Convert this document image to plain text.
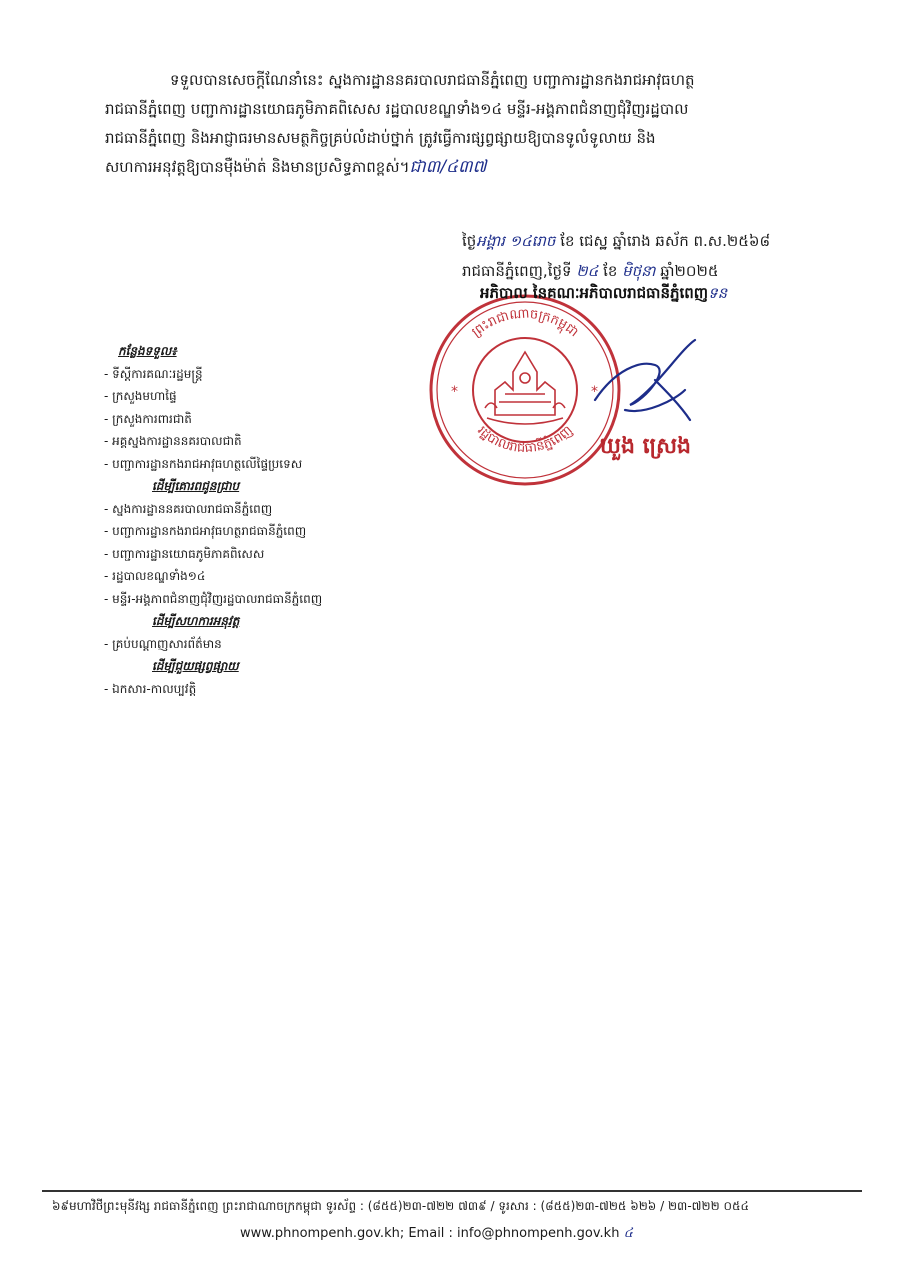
ទទួលបានសេចក្ដីណែនាំនេះ ស្នងការដ្ឋាននគរបាលរាជធានីភ្នំពេញ បញ្ជាការដ្ឋានកងរាជអាវុធហត្ថ
រាជធានីភ្នំពេញ បញ្ជាការដ្ឋានយោធភូមិភាគពិសេស រដ្ឋបាលខណ្ឌទាំង១៤ មន្ទីរ-អង្គភាពជំនាញជុំវិញរដ្ឋបាល
រាជធានីភ្នំពេញ និងអាជ្ញាធរមានសមត្ថកិច្ចគ្រប់លំដាប់ថ្នាក់ ត្រូវធ្វើការផ្សព្វផ្សាយឱ្យបានទូលំទូលាយ និង
សហការអនុវត្តឱ្យបានម៉ឺងម៉ាត់ និងមានប្រសិទ្ធភាពខ្ពស់។ជា៣/៤៣៧
ថ្ងៃអង្គារ ១៤រោច ខែ ជេស្ឋ ឆ្នាំរោង ឆស័ក ព.ស.២៥៦៨
រាជធានីភ្នំពេញ,ថ្ងៃទី ២៤ ខែ មិថុនា ឆ្នាំ២០២៥
ព្រះរាជាណាចក្រកម្ពុជា
រដ្ឋបាលរាជធានីភ្នំពេញ
*	*
អភិបាល នៃគណៈអភិបាលរាជធានីភ្នំពេញទន
ឃួង ស្រេង
កន្លែងទទួល៖
- ទីស្ដីការគណៈរដ្ឋមន្ត្រី
- ក្រសួងមហាផ្ទៃ
- ក្រសួងការពារជាតិ
- អគ្គស្នងការដ្ឋាននគរបាលជាតិ
- បញ្ជាការដ្ឋានកងរាជអាវុធហត្ថលើផ្ទៃប្រទេស
ដើម្បីគោរពជូនជ្រាប
- ស្នងការដ្ឋាននគរបាលរាជធានីភ្នំពេញ
- បញ្ជាការដ្ឋានកងរាជអាវុធហត្ថរាជធានីភ្នំពេញ
- បញ្ជាការដ្ឋានយោធភូមិភាគពិសេស
- រដ្ឋបាលខណ្ឌទាំង១៤
- មន្ទីរ-អង្គភាពជំនាញជុំវិញរដ្ឋបាលរាជធានីភ្នំពេញ
ដើម្បីសហការអនុវត្ត
- គ្រប់បណ្ដាញសារព័ត៌មាន
ដើម្បីជួយផ្សព្វផ្សាយ
- ឯកសារ-កាលប្បវត្តិ
៦៩មហាវិថីព្រះមុនីវង្ស រាជធានីភ្នំពេញ ព្រះរាជាណាចក្រកម្ពុជា ទូរស័ព្ទ : (៨៥៥)២៣-៧២២ ៧៣៩ / ទូរសារ : (៨៥៥)២៣-៧២៥ ៦២៦ / ២៣-៧២២ ០៥៤
www.phnompenh.gov.kh; Email : info@phnompenh.gov.kh ៤
